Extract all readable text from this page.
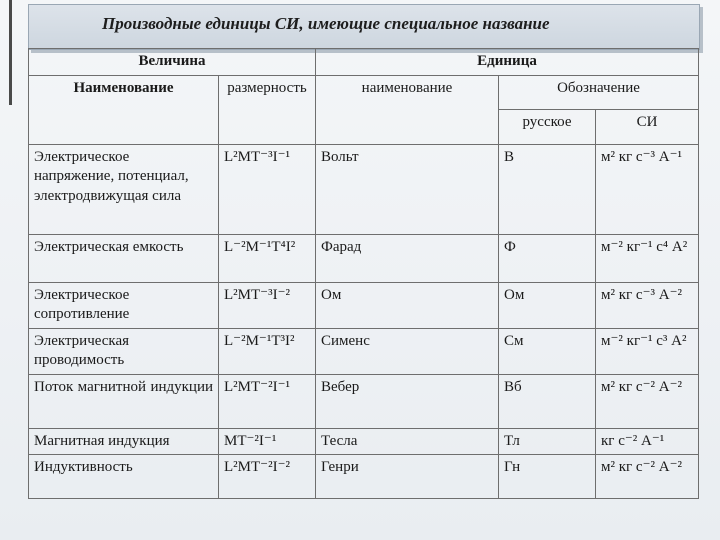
Производные единицы СИ, имеющие специальное название
Величина		Единица		
Наименование	размерность	наименование	Обозначение	
			русское	СИ
Электрическое напряжение, потенциал, электродвижущая сила	L²MT⁻³I⁻¹	Вольт	В	м² кг с⁻³ А⁻¹
Электрическая емкость	L⁻²M⁻¹T⁴I²	Фарад	Ф	м⁻² кг⁻¹ с⁴ А²
Электрическое сопротивление	L²MT⁻³I⁻²	Ом	Ом	м² кг с⁻³ А⁻²
Электрическая проводимость	L⁻²M⁻¹T³I²	Сименс	См	м⁻² кг⁻¹ с³ А²
Поток магнитной индукции	L²MT⁻²I⁻¹	Вебер	Вб	м² кг с⁻² А⁻²
Магнитная индукция	MT⁻²I⁻¹	Тесла	Тл	кг с⁻² А⁻¹
Индуктивность	L²MT⁻²I⁻²	Генри	Гн	м² кг с⁻² А⁻²
